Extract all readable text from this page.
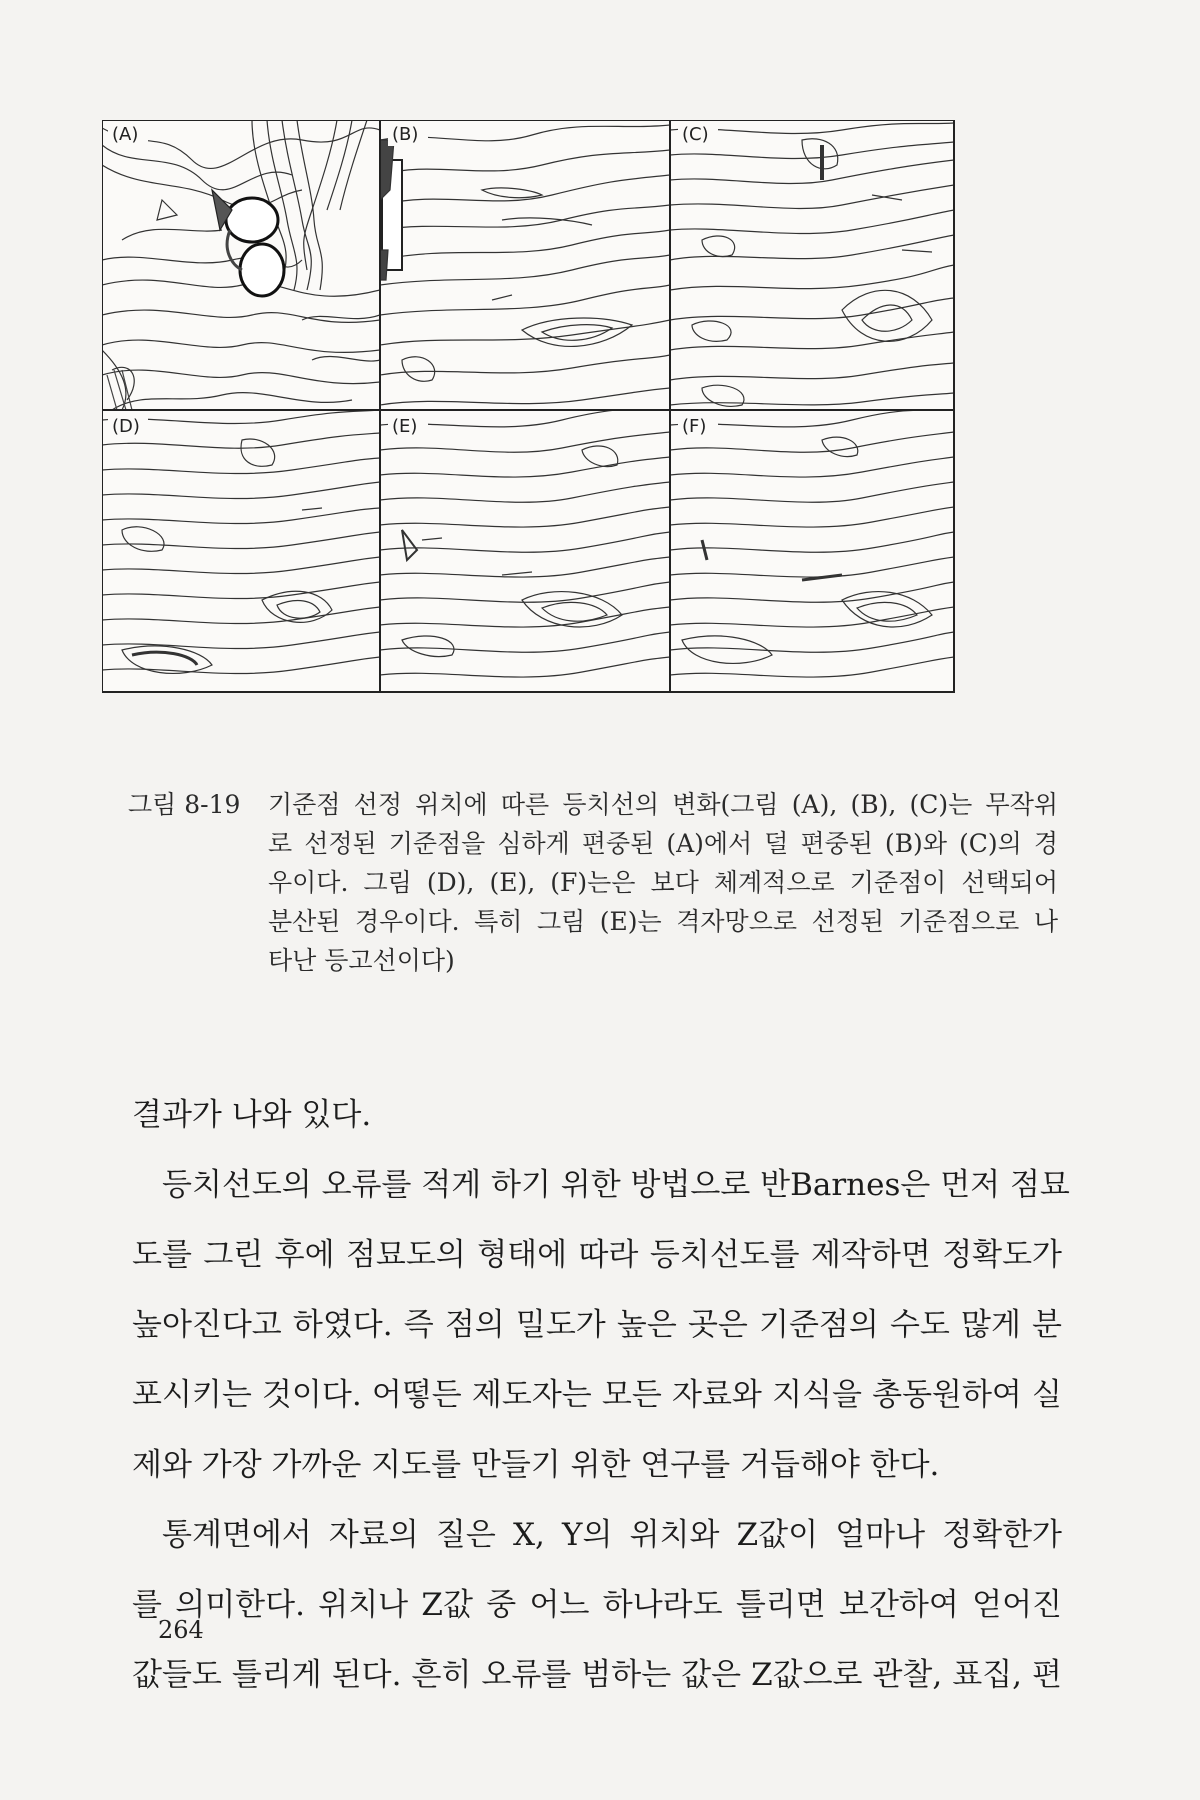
(A)	(B)	(C)
(D)	(E)	(F)
그림 8-19	기준점 선정 위치에 따른 등치선의 변화(그림 (A), (B), (C)는 무작위
로 선정된 기준점을 심하게 편중된 (A)에서 덜 편중된 (B)와 (C)의 경
우이다. 그림 (D), (E), (F)는은 보다 체계적으로 기준점이 선택되어
분산된 경우이다. 특히 그림 (E)는 격자망으로 선정된 기준점으로 나
타난 등고선이다)
결과가 나와 있다.
등치선도의 오류를 적게 하기 위한 방법으로 반Barnes은 먼저 점묘
도를 그린 후에 점묘도의 형태에 따라 등치선도를 제작하면 정확도가
높아진다고 하였다. 즉 점의 밀도가 높은 곳은 기준점의 수도 많게 분
포시키는 것이다. 어떻든 제도자는 모든 자료와 지식을 총동원하여 실
제와 가장 가까운 지도를 만들기 위한 연구를 거듭해야 한다.
통계면에서 자료의 질은 X, Y의 위치와 Z값이 얼마나 정확한가
를 의미한다. 위치나 Z값 중 어느 하나라도 틀리면 보간하여 얻어진
값들도 틀리게 된다. 흔히 오류를 범하는 값은 Z값으로 관찰, 표집, 편
264
